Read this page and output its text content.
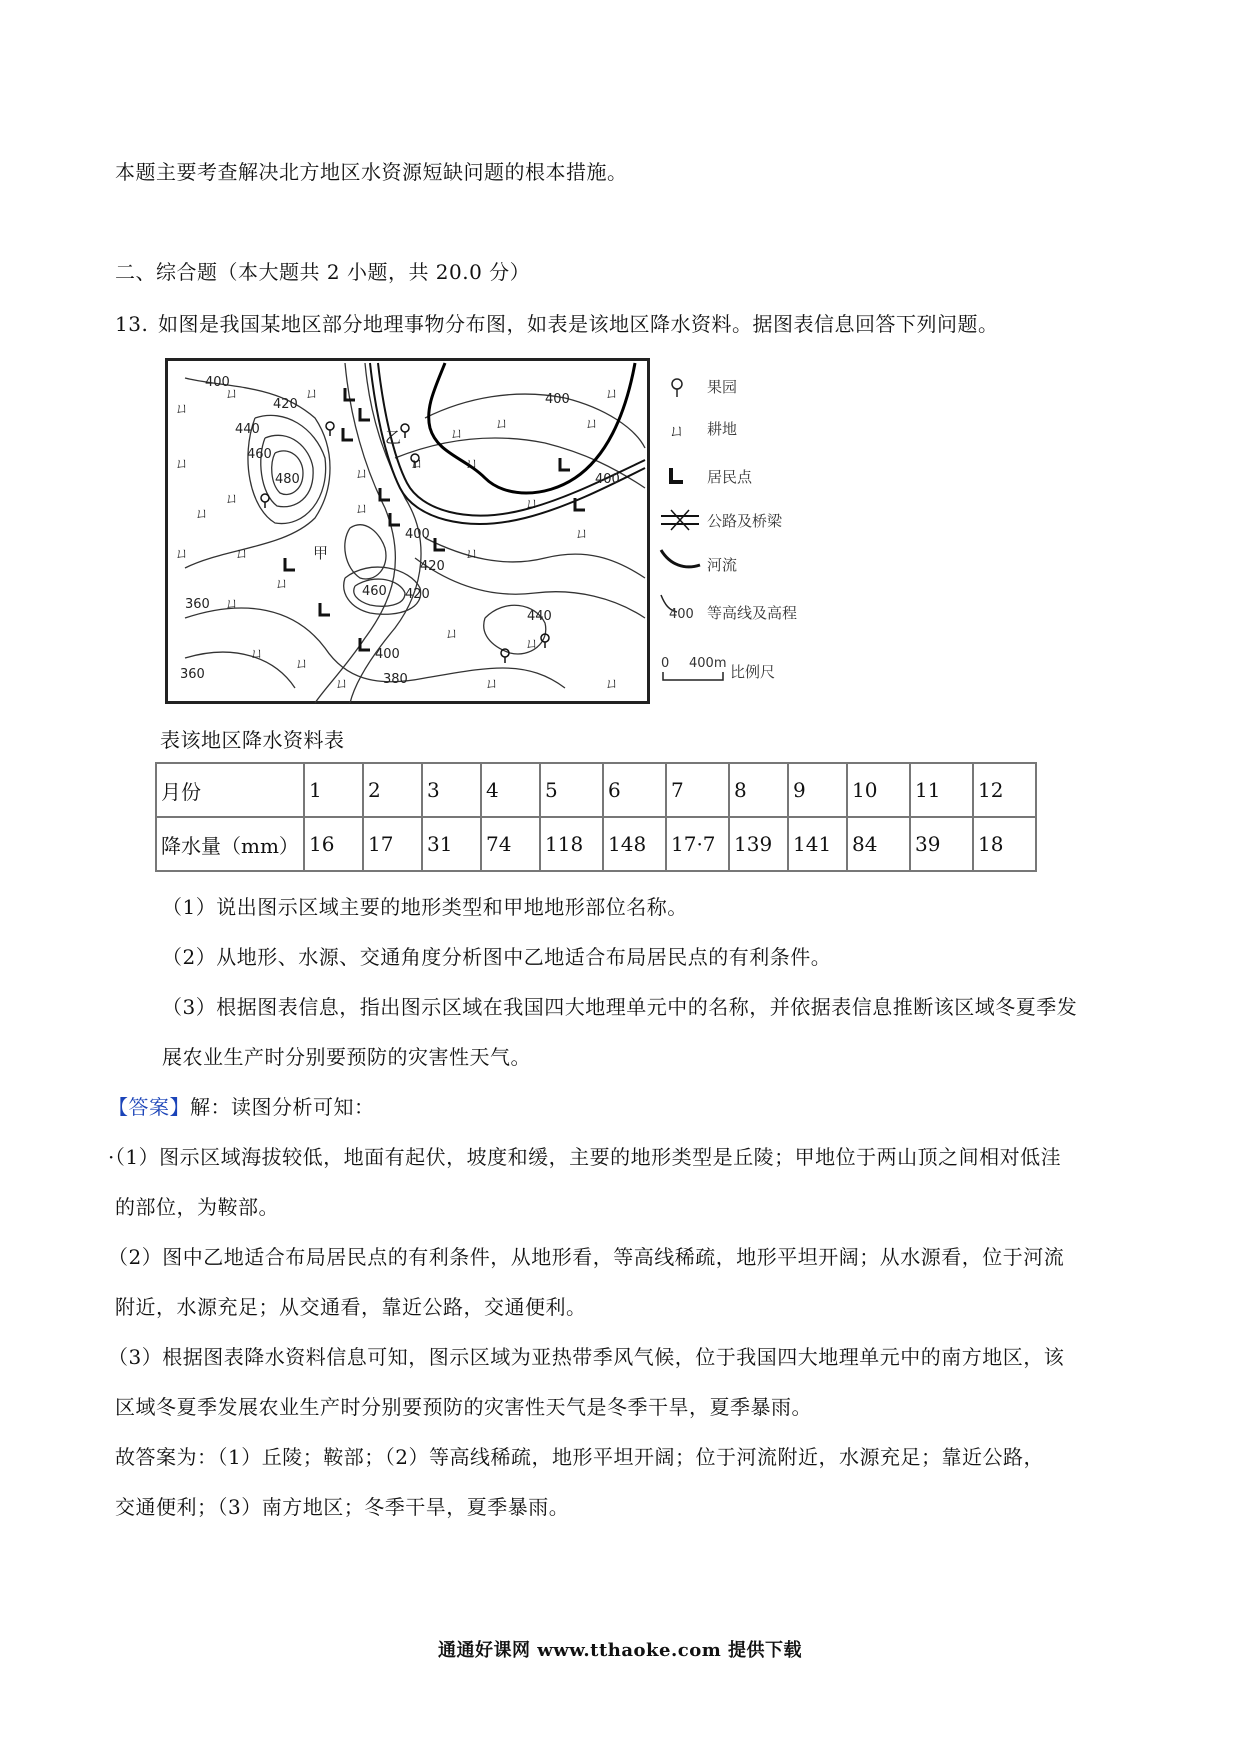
本题主要考查解决北方地区水资源短缺问题的根本措施。
二、综合题（本大题共 2 小题，共 20.0 分）
13. 如图是我国某地区部分地理事物分布图，如表是该地区降水资料。据图表信息回答下列问题。
400
420
440
460
480
甲
乙
460
420
420
400
400
380
360
360
440
400
400
ㄩ
ㄩ	ㄩ
ㄩ
ㄩ
ㄩ
ㄩ	ㄩ
ㄩ
ㄩ
ㄩ
ㄩ
ㄩ
ㄩ
ㄩ
ㄩ
ㄩ
ㄩ
ㄩ
ㄩ
ㄩ
ㄩ
ㄩ
ㄩ
ㄩ
ㄩ
ㄩ
ㄩ
果园
ㄩ 耕地
居民点
公路及桥梁
河流
400 等高线及高程
0 400m 比例尺
表该地区降水资料表
月份	1	2	3	4	5	6	7	8	9	10	11	12
降水量（mm）	16	17	31	74	118	148	17·7	139	141	84	39	18
（1）说出图示区域主要的地形类型和甲地地形部位名称。
（2）从地形、水源、交通角度分析图中乙地适合布局居民点的有利条件。
（3）根据图表信息，指出图示区域在我国四大地理单元中的名称，并依据表信息推断该区域冬夏季发
展农业生产时分别要预防的灾害性天气。
【答案】解：读图分析可知：
·（1）图示区域海拔较低，地面有起伏，坡度和缓，主要的地形类型是丘陵；甲地位于两山顶之间相对低洼
的部位，为鞍部。
（2）图中乙地适合布局居民点的有利条件，从地形看，等高线稀疏，地形平坦开阔；从水源看，位于河流
附近，水源充足；从交通看，靠近公路，交通便利。
（3）根据图表降水资料信息可知，图示区域为亚热带季风气候，位于我国四大地理单元中的南方地区，该
区域冬夏季发展农业生产时分别要预防的灾害性天气是冬季干旱，夏季暴雨。
故答案为：（1）丘陵；鞍部；（2）等高线稀疏，地形平坦开阔；位于河流附近，水源充足；靠近公路，
交通便利；（3）南方地区；冬季干旱，夏季暴雨。
通通好课网 www.tthaoke.com 提供下载
